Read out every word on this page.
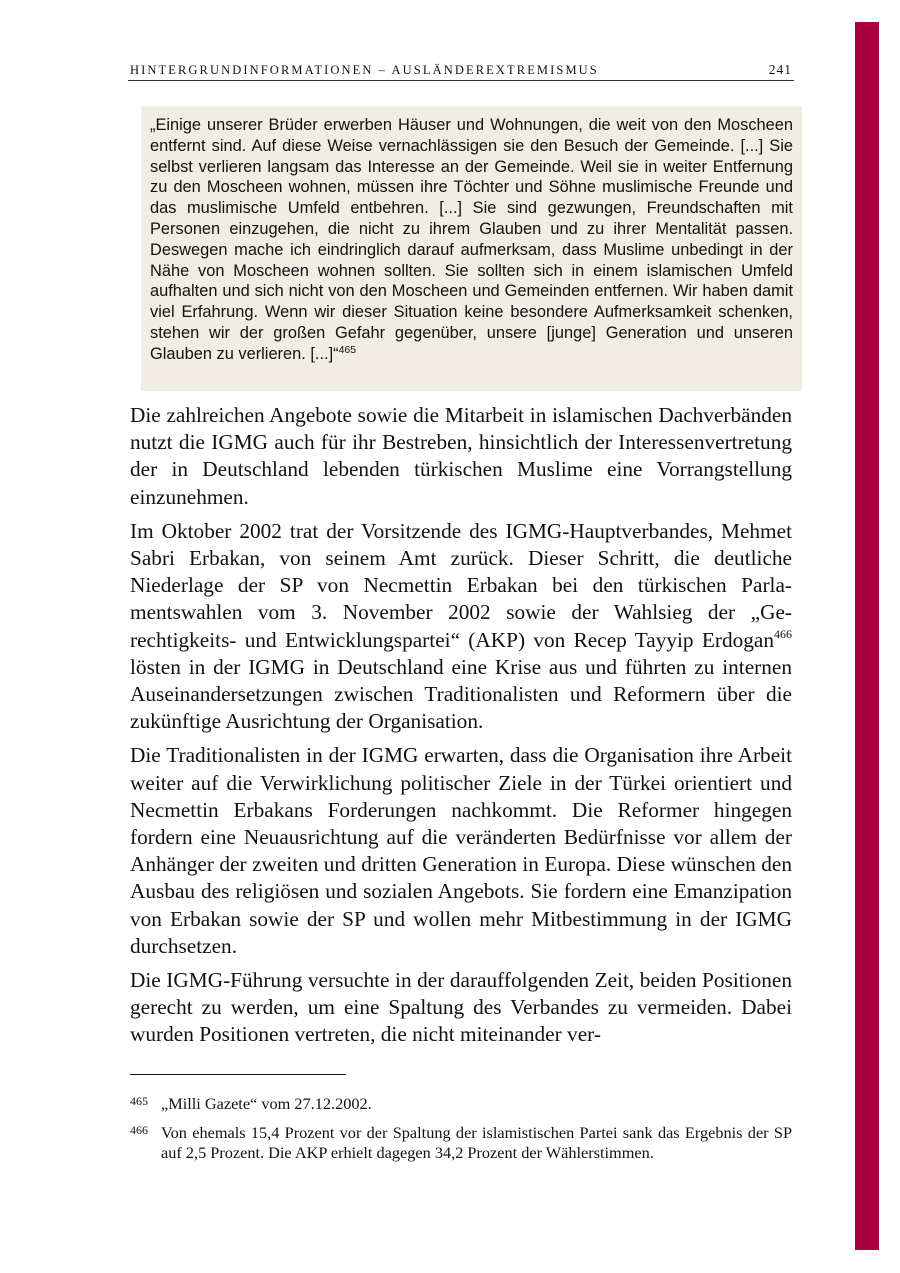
HINTERGRUNDINFORMATIONEN – AUSLÄNDEREXTREMISMUS	241
„Einige unserer Brüder erwerben Häuser und Wohnungen, die weit von den Moscheen entfernt sind. Auf diese Weise vernachlässigen sie den Besuch der Gemeinde. [...] Sie selbst verlieren langsam das Interesse an der Gemeinde. Weil sie in weiter Entfernung zu den Moscheen wohnen, müssen ihre Töchter und Söhne muslimische Freunde und das muslimische Umfeld entbehren. [...] Sie sind gezwungen, Freundschaften mit Personen einzugehen, die nicht zu ihrem Glauben und zu ihrer Mentalität passen. Deswegen mache ich eindringlich darauf aufmerksam, dass Muslime unbedingt in der Nähe von Moscheen wohnen sollten. Sie sollten sich in einem islamischen Umfeld aufhalten und sich nicht von den Moscheen und Gemeinden entfernen. Wir haben damit viel Erfahrung. Wenn wir dieser Situation keine besondere Aufmerksamkeit schenken, stehen wir der großen Gefahr gegenüber, unsere [junge] Generation und unseren Glauben zu verlieren. [...]“$^{465}$

Die zahlreichen Angebote sowie die Mitarbeit in islamischen Dachverbänden nutzt die IGMG auch für ihr Bestreben, hinsichtlich der Interessenvertretung der in Deutschland lebenden türkischen Muslime eine Vorrangstellung einzunehmen.

Im Oktober 2002 trat der Vorsitzende des IGMG-Hauptverbandes, Mehmet Sabri Erbakan, von seinem Amt zurück. Dieser Schritt, die deutliche Niederlage der SP von Necmettin Erbakan bei den türkischen Parlamentswahlen vom 3. November 2002 sowie der Wahlsieg der „Gerechtigkeits- und Entwicklungspartei“ (AKP) von Recep Tayyip Erdogan$^{466}$ lösten in der IGMG in Deutschland eine Krise aus und führten zu internen Auseinandersetzungen zwischen Traditionalisten und Reformern über die zukünftige Ausrichtung der Organisation.

Die Traditionalisten in der IGMG erwarten, dass die Organisation ihre Arbeit weiter auf die Verwirklichung politischer Ziele in der Türkei orientiert und Necmettin Erbakans Forderungen nachkommt. Die Reformer hingegen fordern eine Neuausrichtung auf die veränderten Bedürfnisse vor allem der Anhänger der zweiten und dritten Generation in Europa. Diese wünschen den Ausbau des religiösen und sozialen Angebots. Sie fordern eine Emanzipation von Erbakan sowie der SP und wollen mehr Mitbestimmung in der IGMG durchsetzen.

Die IGMG-Führung versuchte in der darauffolgenden Zeit, beiden Positionen gerecht zu werden, um eine Spaltung des Verbandes zu vermeiden. Dabei wurden Positionen vertreten, die nicht miteinander ver-

465 „Milli Gazete“ vom 27.12.2002.
466 Von ehemals 15,4 Prozent vor der Spaltung der islamistischen Partei sank das Ergebnis der SP auf 2,5 Prozent. Die AKP erhielt dagegen 34,2 Prozent der Wählerstimmen.
